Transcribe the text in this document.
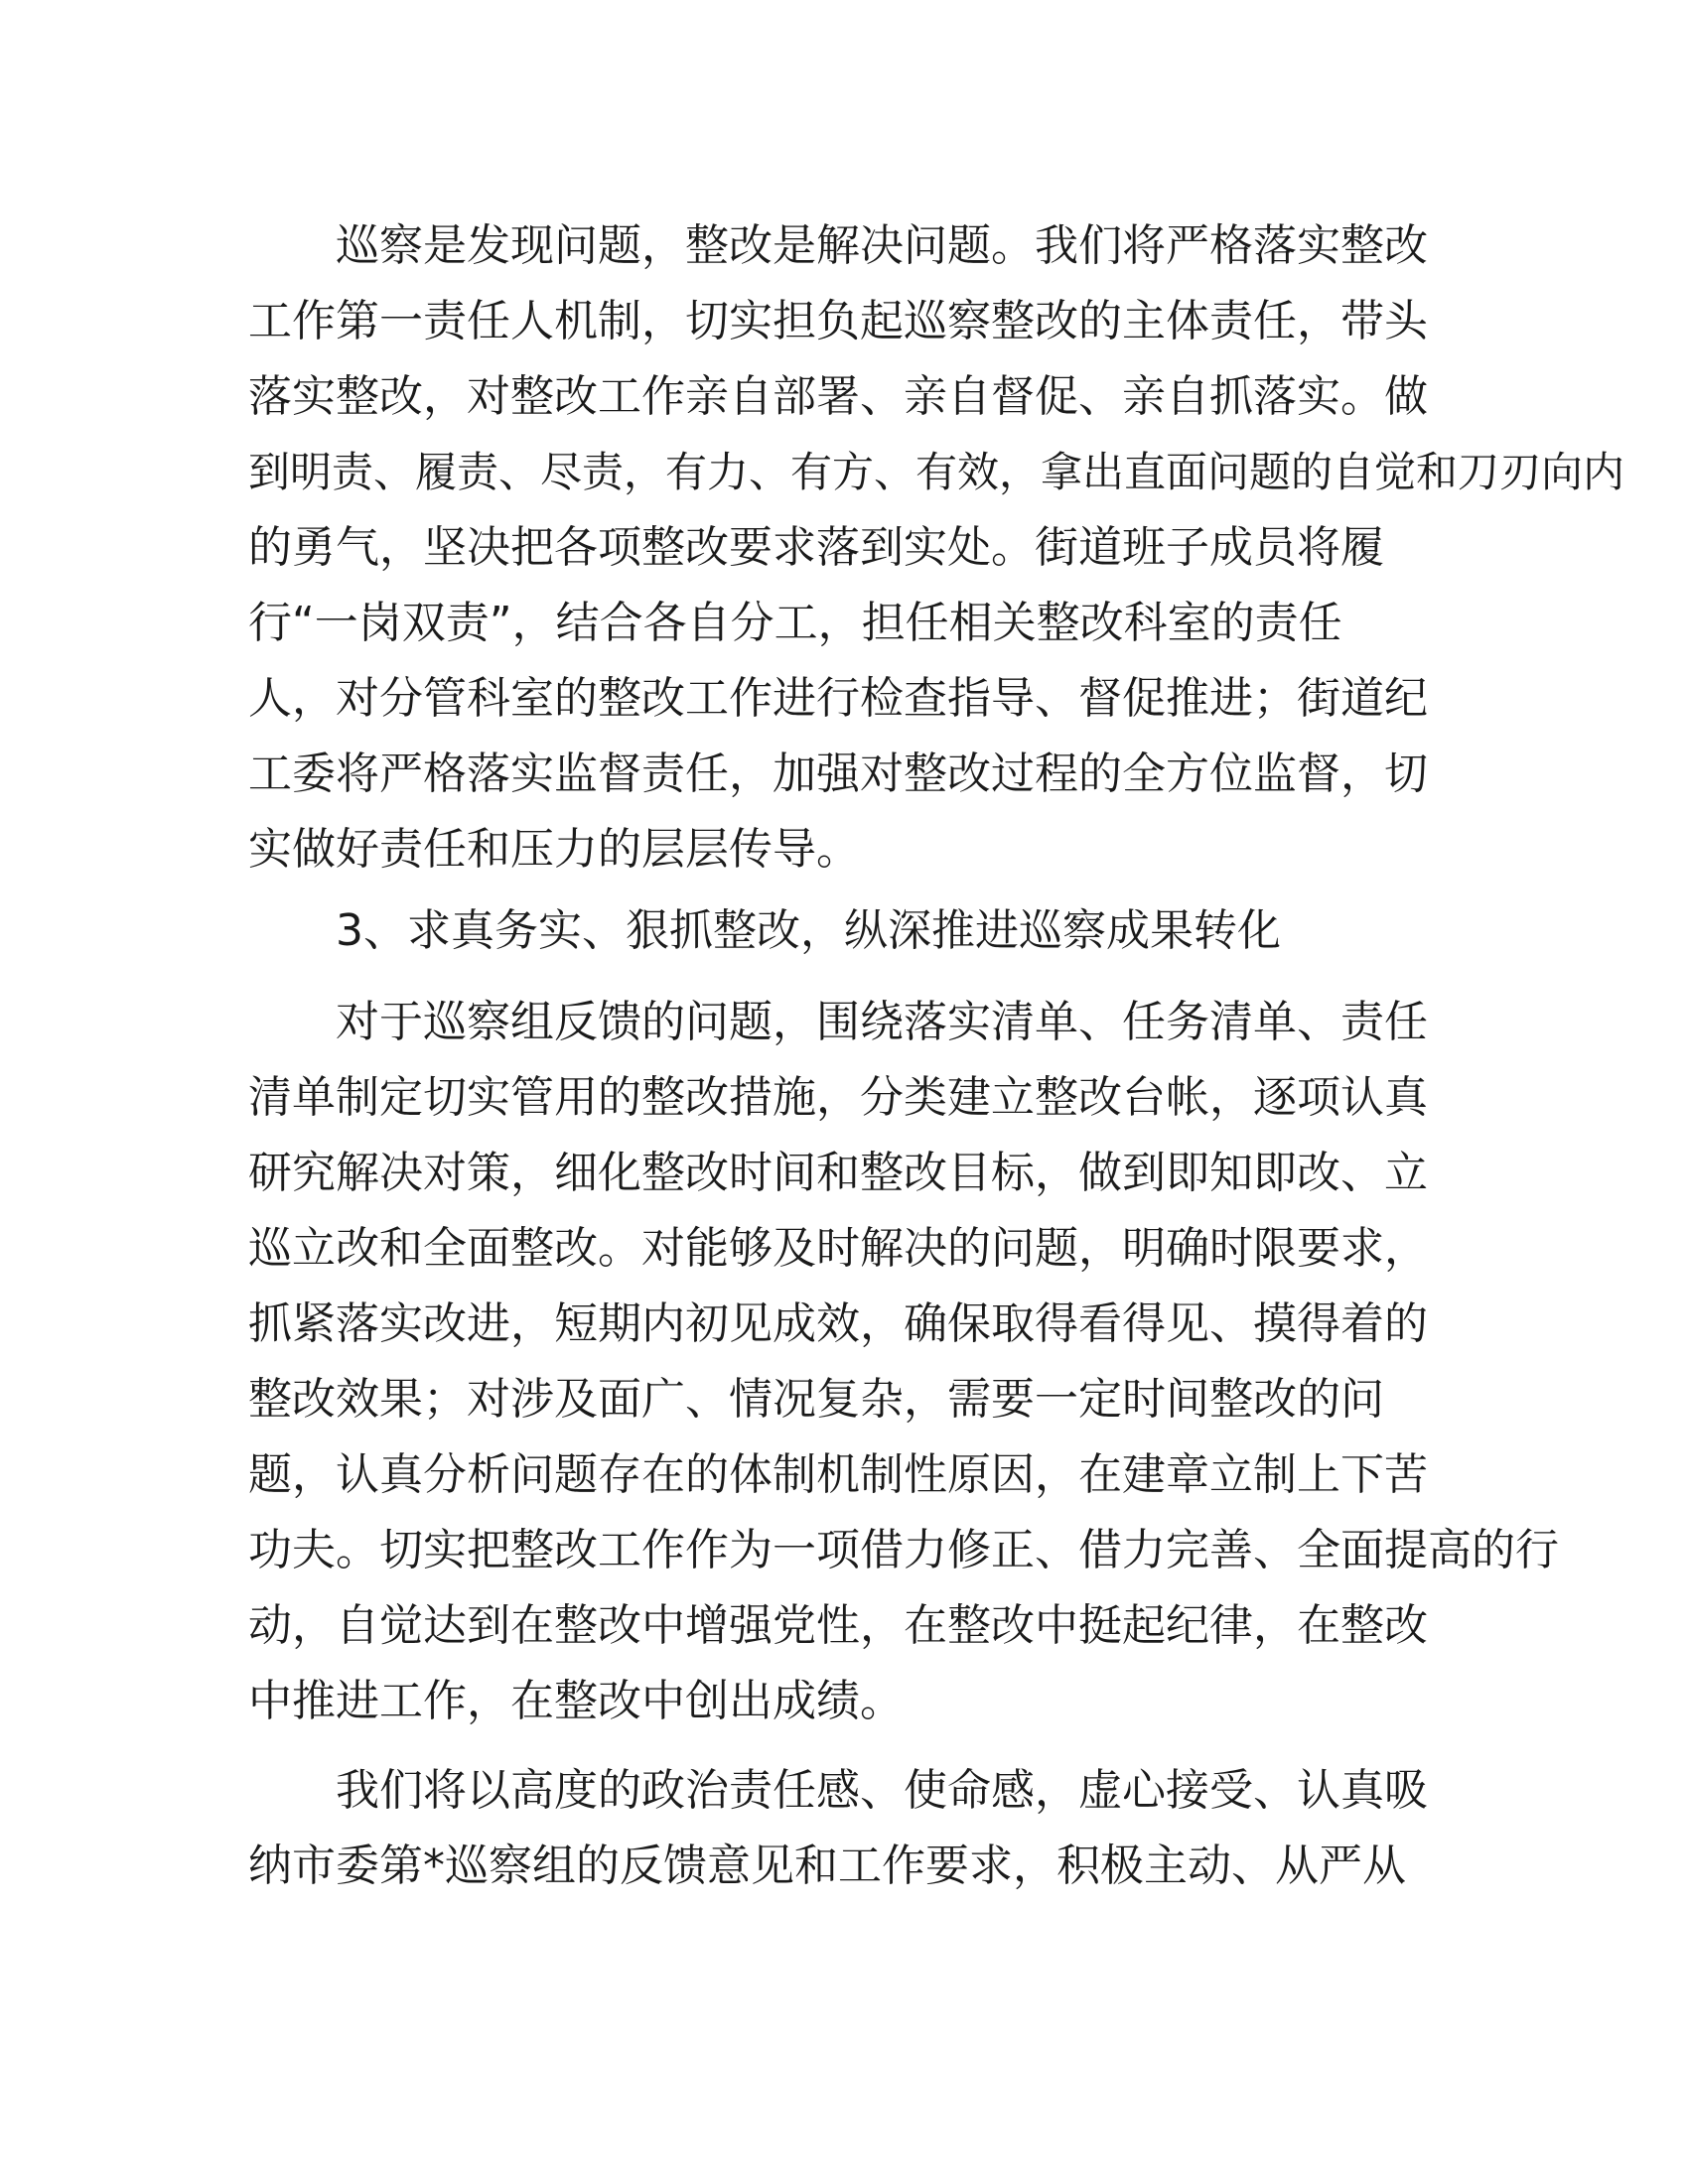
巡察是发现问题，整改是解决问题。我们将严格落实整改
工作第一责任人机制，切实担负起巡察整改的主体责任，带头
落实整改，对整改工作亲自部署、亲自督促、亲自抓落实。做
到明责、履责、尽责，有力、有方、有效，拿出直面问题的自觉和刀刃向内
的勇气，坚决把各项整改要求落到实处。街道班子成员将履
行“一岗双责”，结合各自分工，担任相关整改科室的责任
人，对分管科室的整改工作进行检查指导、督促推进；街道纪
工委将严格落实监督责任，加强对整改过程的全方位监督，切
实做好责任和压力的层层传导。
3、求真务实、狠抓整改，纵深推进巡察成果转化
对于巡察组反馈的问题，围绕落实清单、任务清单、责任
清单制定切实管用的整改措施，分类建立整改台帐，逐项认真
研究解决对策，细化整改时间和整改目标，做到即知即改、立
巡立改和全面整改。对能够及时解决的问题，明确时限要求，
抓紧落实改进，短期内初见成效，确保取得看得见、摸得着的
整改效果；对涉及面广、情况复杂，需要一定时间整改的问
题，认真分析问题存在的体制机制性原因，在建章立制上下苦
功夫。切实把整改工作作为一项借力修正、借力完善、全面提高的行
动，自觉达到在整改中增强党性，在整改中挺起纪律，在整改
中推进工作，在整改中创出成绩。
我们将以高度的政治责任感、使命感，虚心接受、认真吸
纳市委第*巡察组的反馈意见和工作要求，积极主动、从严从
